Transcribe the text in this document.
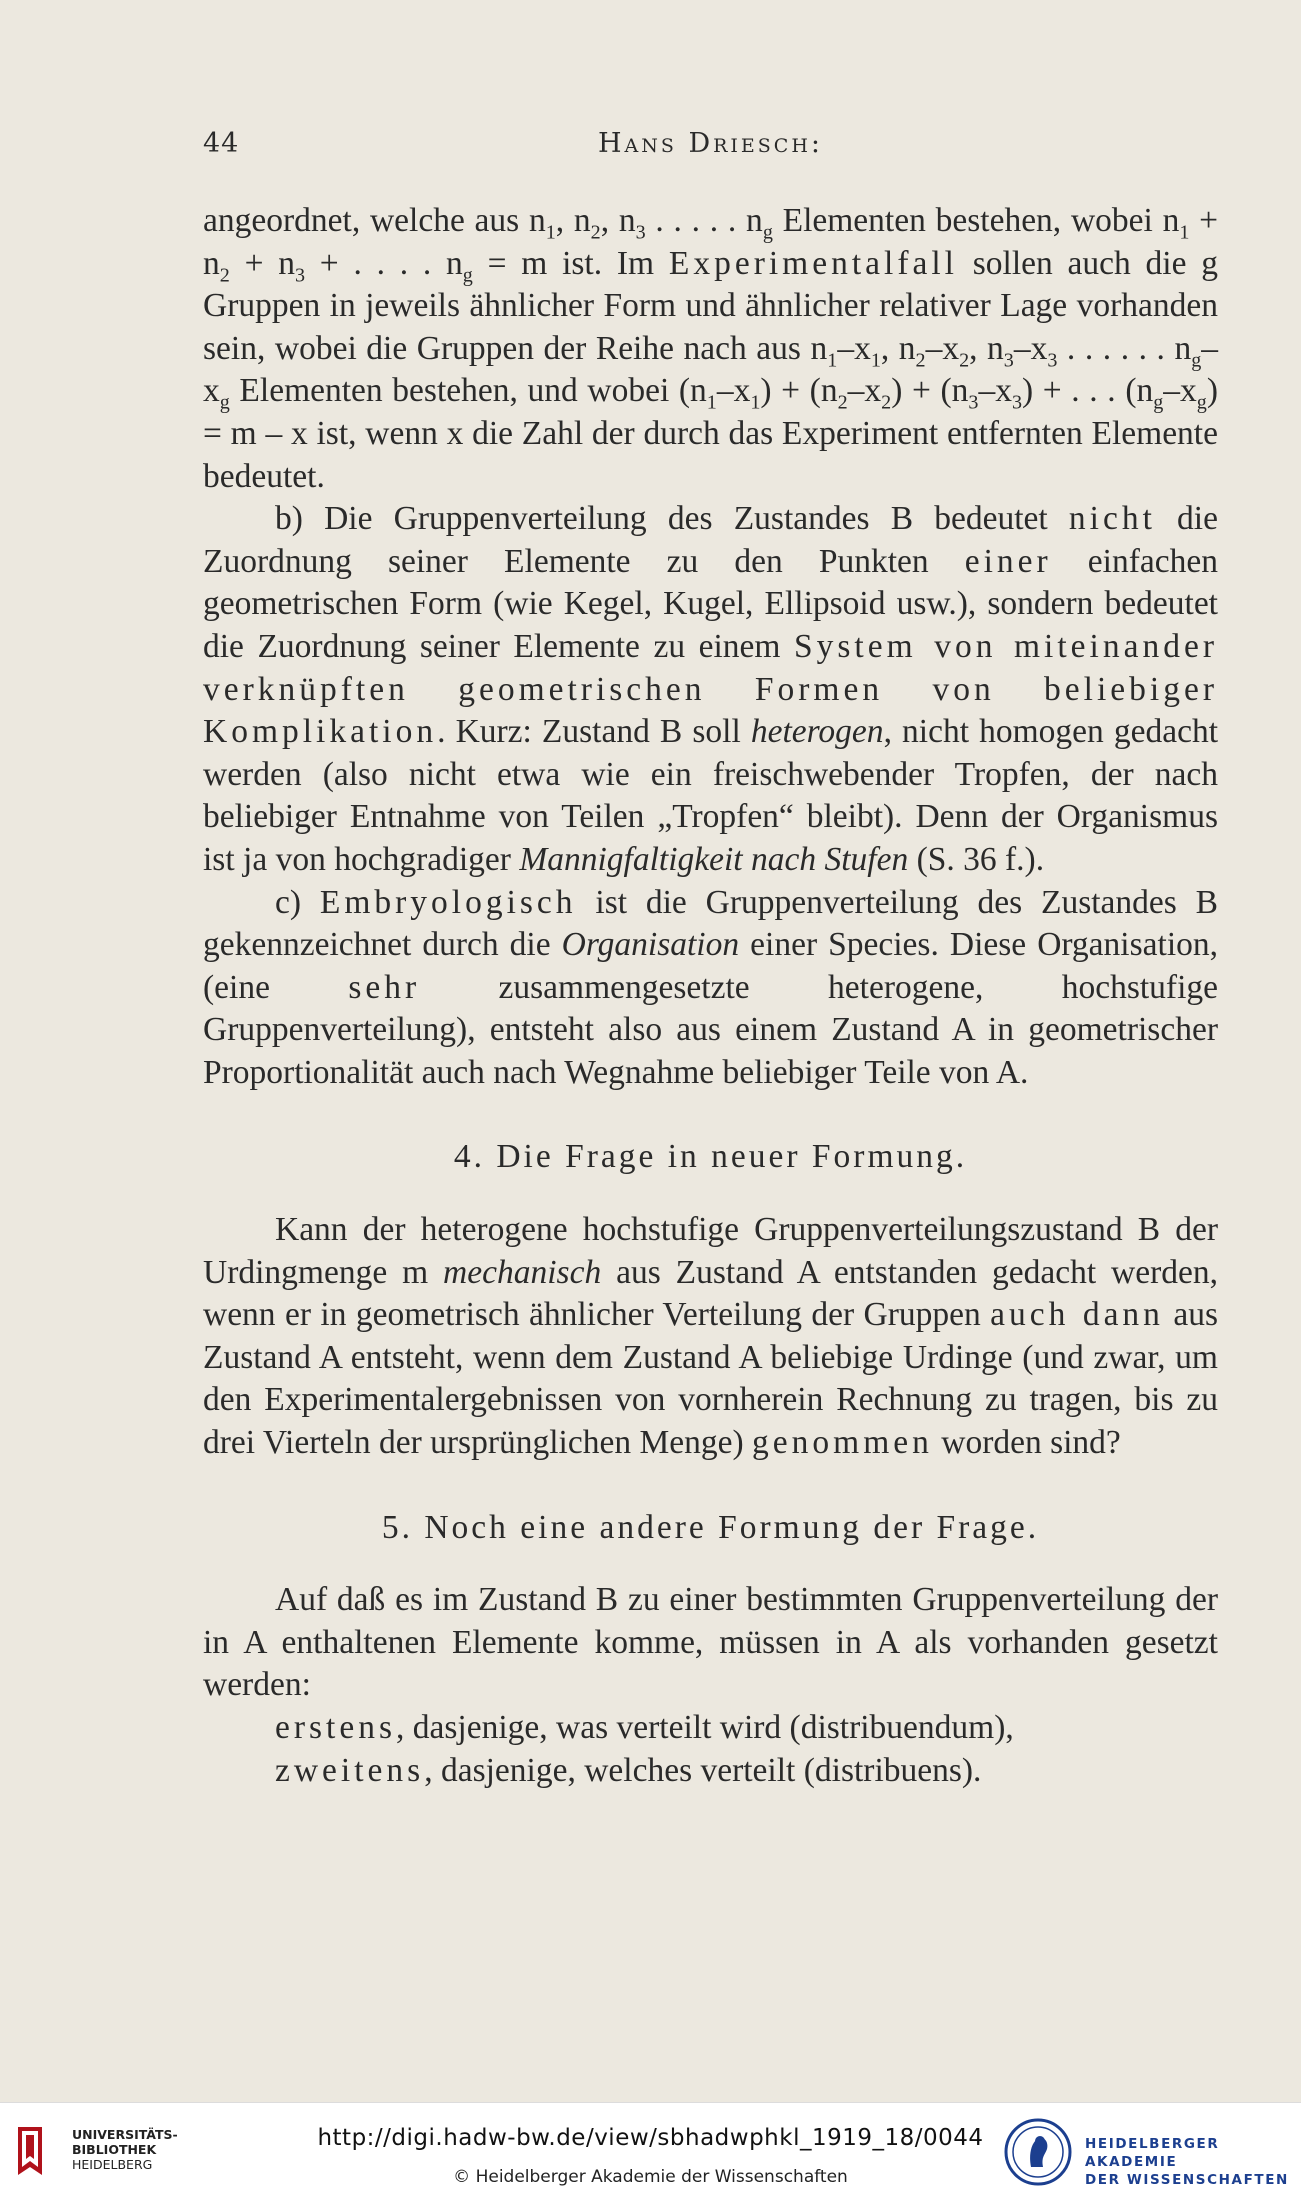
44	Hans Driesch:

angeordnet, welche aus $n_1$, $n_2$, $n_3$ . . . . . $n_g$ Elementen bestehen, wobei $n_1 + n_2 + n_3$ + . . . . $n_g = m$ ist. Im Experimentalfall sollen auch die g Gruppen in jeweils ähnlicher Form und ähnlicher relativer Lage vorhanden sein, wobei die Gruppen der Reihe nach aus $n_1-x_1$, $n_2-x_2$, $n_3-x_3$ . . . . . . $n_g-x_g$ Elementen bestehen, und wobei $(n_1-x_1) + (n_2-x_2) + (n_3-x_3)$ + . . . $(n_g-x_g) = m - x$ ist, wenn x die Zahl der durch das Experiment entfernten Elemente bedeutet.

b) Die Gruppenverteilung des Zustandes B bedeutet nicht die Zuordnung seiner Elemente zu den Punkten einer einfachen geometrischen Form (wie Kegel, Kugel, Ellipsoid usw.), sondern bedeutet die Zuordnung seiner Elemente zu einem System von miteinander verknüpften geometrischen Formen von beliebiger Komplikation. Kurz: Zustand B soll heterogen, nicht homogen gedacht werden (also nicht etwa wie ein freischwebender Tropfen, der nach beliebiger Entnahme von Teilen „Tropfen“ bleibt). Denn der Organismus ist ja von hochgradiger Mannigfaltigkeit nach Stufen (S. 36 f.).

c) Embryologisch ist die Gruppenverteilung des Zustandes B gekennzeichnet durch die Organisation einer Species. Diese Organisation, (eine sehr zusammengesetzte heterogene, hochstufige Gruppenverteilung), entsteht also aus einem Zustand A in geometrischer Proportionalität auch nach Wegnahme beliebiger Teile von A.

4. Die Frage in neuer Formung.

Kann der heterogene hochstufige Gruppenverteilungszustand B der Urdingmenge m mechanisch aus Zustand A entstanden gedacht werden, wenn er in geometrisch ähnlicher Verteilung der Gruppen auch dann aus Zustand A entsteht, wenn dem Zustand A beliebige Urdinge (und zwar, um den Experimentalergebnissen von vornherein Rechnung zu tragen, bis zu drei Vierteln der ursprünglichen Menge) genommen worden sind?

5. Noch eine andere Formung der Frage.

Auf daß es im Zustand B zu einer bestimmten Gruppenverteilung der in A enthaltenen Elemente komme, müssen in A als vorhanden gesetzt werden:

erstens, dasjenige, was verteilt wird (distribuendum),

zweitens, dasjenige, welches verteilt (distribuens).

UNIVERSITÄTS-
BIBLIOTHEK
HEIDELBERG
http://digi.hadw-bw.de/view/sbhadwphkl_1919_18/0044
© Heidelberger Akademie der Wissenschaften
HEIDELBERGER AKADEMIE
DER WISSENSCHAFTEN
